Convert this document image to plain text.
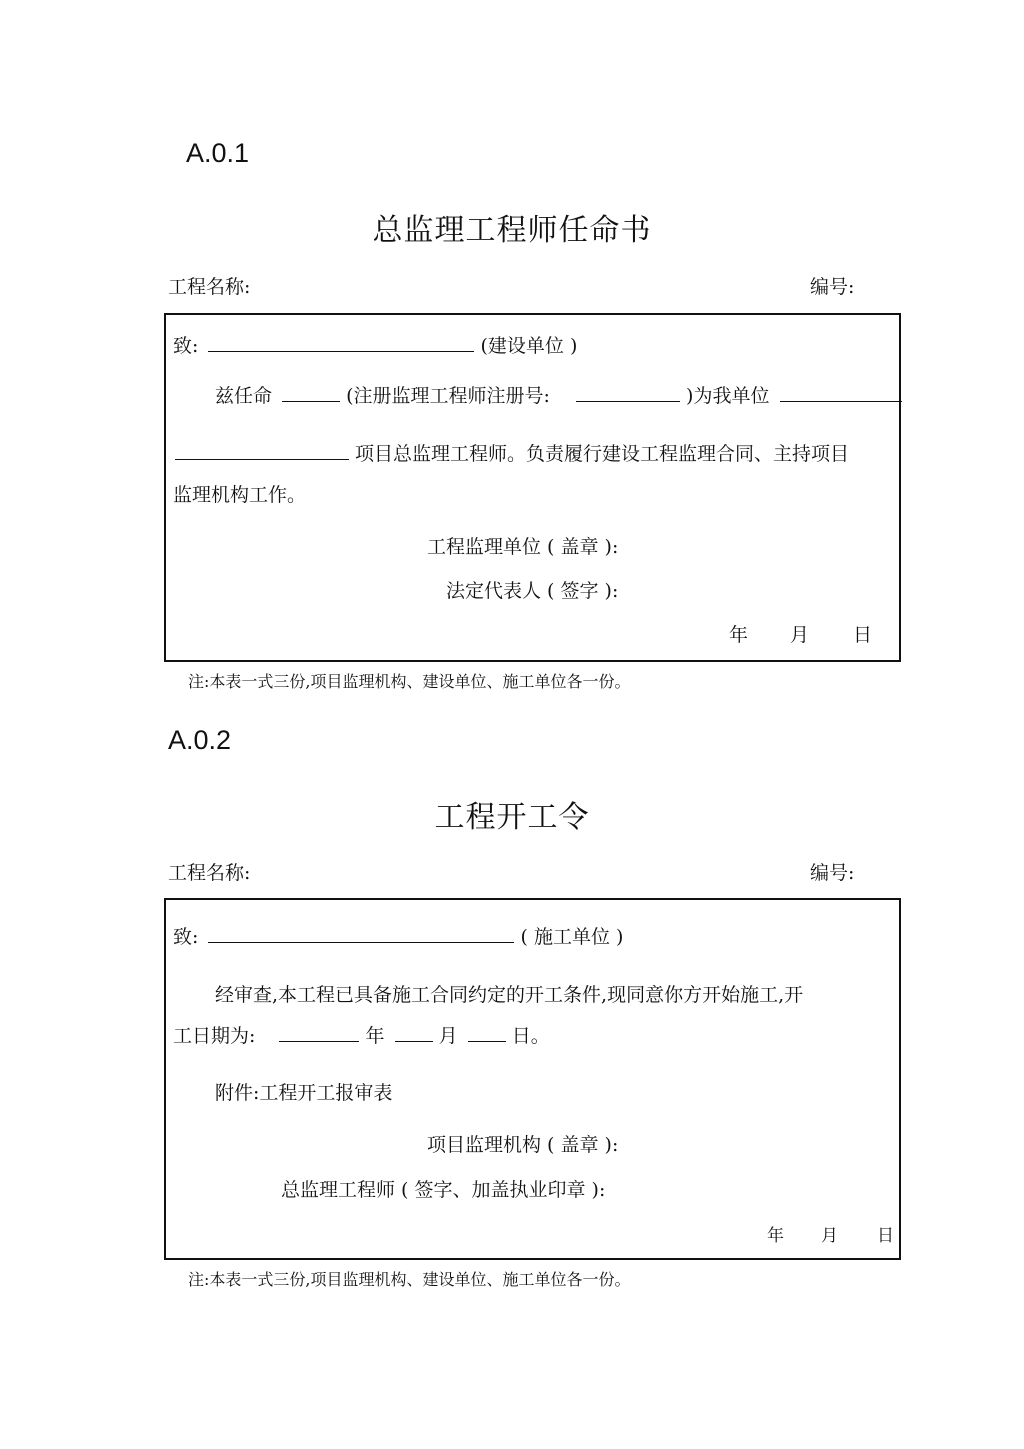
A.0.1
总监理工程师任命书
工程名称:	编号:
致:	(建设单位 )
兹任命	(注册监理工程师注册号:	)为我单位
项目总监理工程师。负责履行建设工程监理合同、主持项目
监理机构工作。
工程监理单位 ( 盖章 ):
法定代表人 ( 签字 ):
年 月 日
注:本表一式三份,项目监理机构、建设单位、施工单位各一份。
A.0.2
工程开工令
工程名称:	编号:
致:	( 施工单位 )
经审查,本工程已具备施工合同约定的开工条件,现同意你方开始施工,开
工日期为:	年	月	日。
附件:工程开工报审表
项目监理机构 ( 盖章 ):
总监理工程师 ( 签字、加盖执业印章 ):
年 月 日
注:本表一式三份,项目监理机构、建设单位、施工单位各一份。
